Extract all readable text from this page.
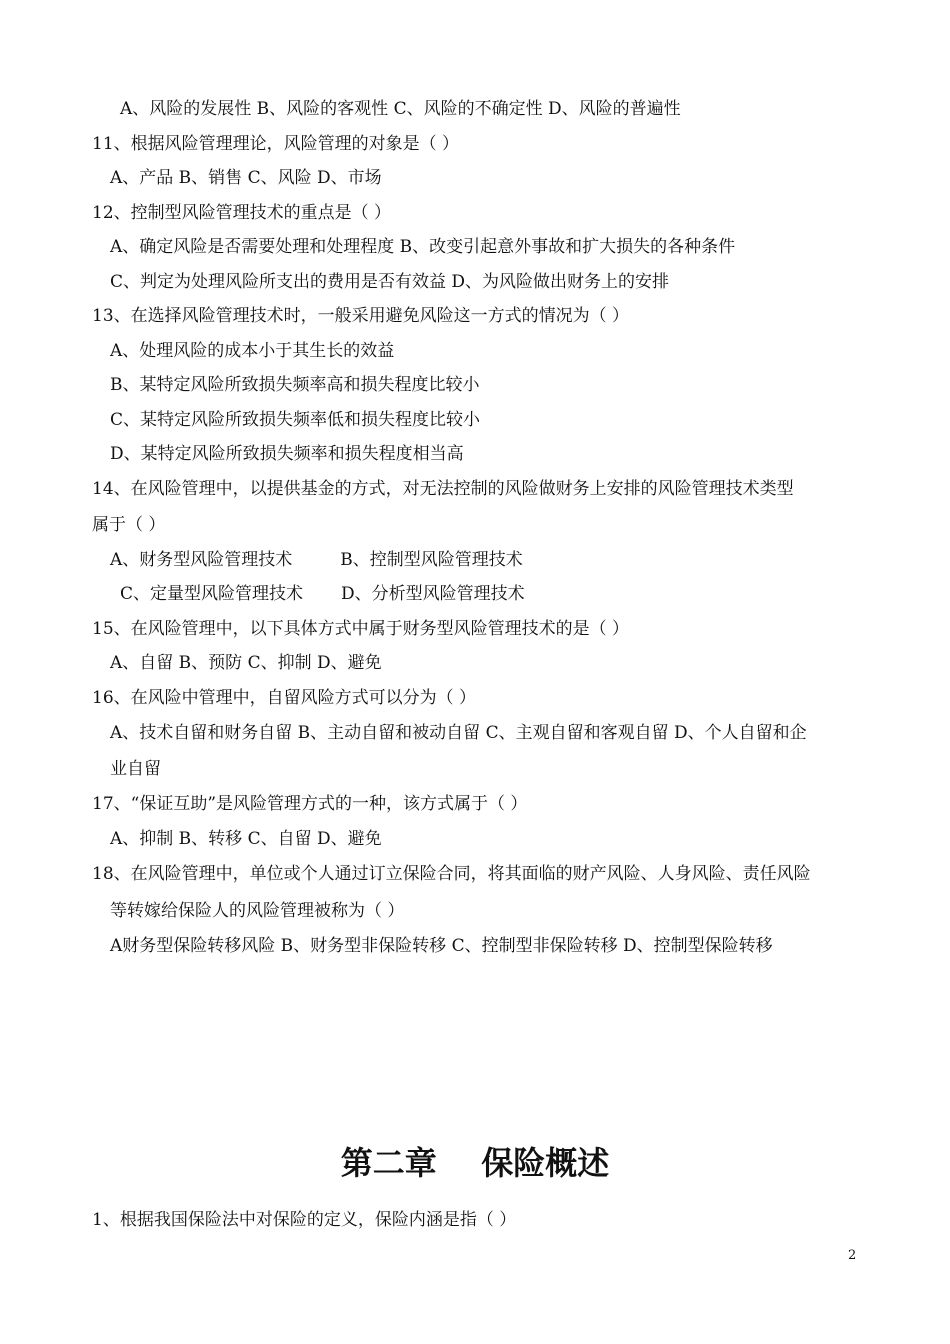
A、风险的发展性 B、风险的客观性 C、风险的不确定性 D、风险的普遍性
11、根据风险管理理论，风险管理的对象是（ ）
A、产品 B、销售 C、风险 D、市场
12、控制型风险管理技术的重点是（ ）
A、确定风险是否需要处理和处理程度 B、改变引起意外事故和扩大损失的各种条件
C、判定为处理风险所支出的费用是否有效益 D、为风险做出财务上的安排
13、在选择风险管理技术时，一般采用避免风险这一方式的情况为（ ）
A、处理风险的成本小于其生长的效益
B、某特定风险所致损失频率高和损失程度比较小
C、某特定风险所致损失频率低和损失程度比较小
D、某特定风险所致损失频率和损失程度相当高
14、在风险管理中，以提供基金的方式，对无法控制的风险做财务上安排的风险管理技术类型
属于（ ）
A、财务型风险管理技术	B、控制型风险管理技术
C、定量型风险管理技术 D、分析型风险管理技术
15、在风险管理中，以下具体方式中属于财务型风险管理技术的是（ ）
A、自留 B、预防 C、抑制 D、避免
16、在风险中管理中，自留风险方式可以分为（ ）
A、技术自留和财务自留 B、主动自留和被动自留 C、主观自留和客观自留 D、个人自留和企
业自留
17、“保证互助”是风险管理方式的一种，该方式属于（ ）
A、抑制 B、转移 C、自留 D、避免
18、在风险管理中，单位或个人通过订立保险合同，将其面临的财产风险、人身风险、责任风险
等转嫁给保险人的风险管理被称为（ ）
A财务型保险转移风险 B、财务型非保险转移 C、控制型非保险转移 D、控制型保险转移
第二章    保险概述
1、根据我国保险法中对保险的定义，保险内涵是指（ ）
2
